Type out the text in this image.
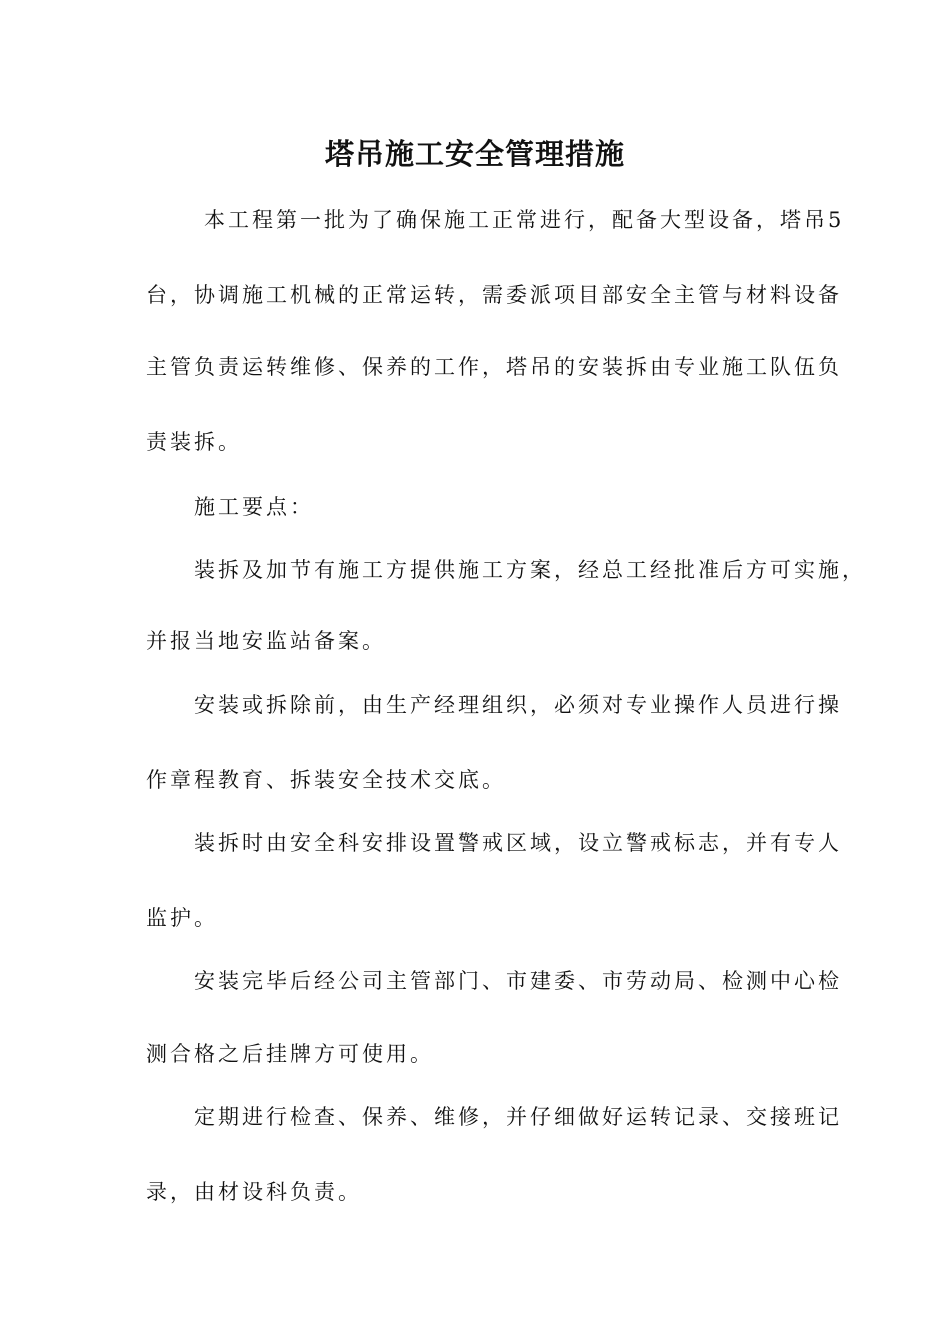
塔吊施工安全管理措施
本工程第一批为了确保施工正常进行，配备大型设备，塔吊5
台，协调施工机械的正常运转，需委派项目部安全主管与材料设备
主管负责运转维修、保养的工作，塔吊的安装拆由专业施工队伍负
责装拆。
施工要点：
装拆及加节有施工方提供施工方案，经总工经批准后方可实施，
并报当地安监站备案。
安装或拆除前，由生产经理组织，必须对专业操作人员进行操
作章程教育、拆装安全技术交底。
装拆时由安全科安排设置警戒区域，设立警戒标志，并有专人
监护。
安装完毕后经公司主管部门、市建委、市劳动局、检测中心检
测合格之后挂牌方可使用。
定期进行检查、保养、维修，并仔细做好运转记录、交接班记
录，由材设科负责。
